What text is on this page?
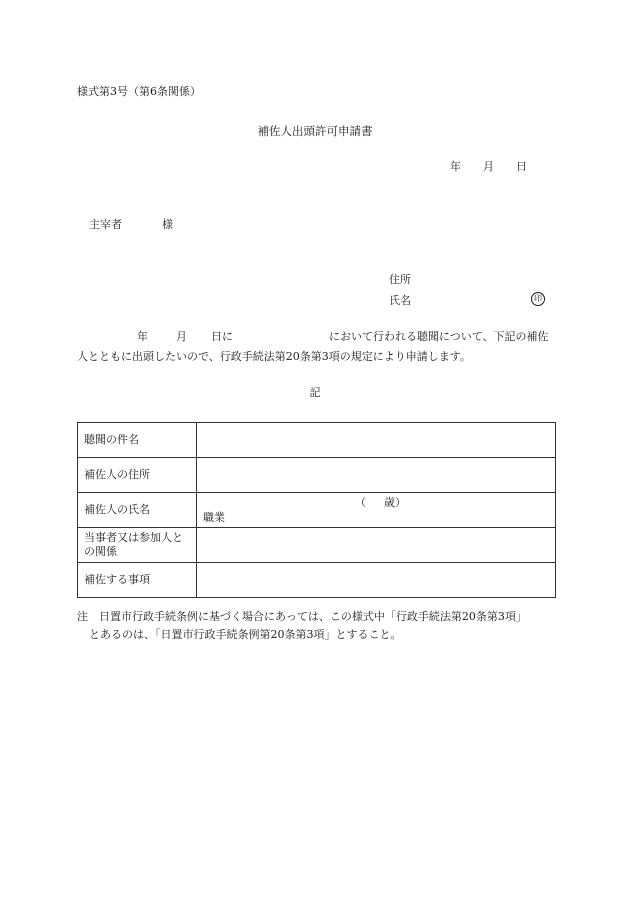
様式第3号（第6条関係）
補佐人出頭許可申請書
年 月 日
主宰者	様
住所
氏名	印
年	月 日に	において行われる聴聞について、下記の補佐
人とともに出頭したいので、行政手続法第20条第3項の規定により申請します。
記
聴聞の件名	
補佐人の住所	
補佐人の氏名	（ 歳）
職業

当事者又は参加人と
の関係	

補佐する事項	
注　日置市行政手続条例に基づく場合にあっては、この様式中「行政手続法第20条第3項」
とあるのは、「日置市行政手続条例第20条第3項」とすること。
